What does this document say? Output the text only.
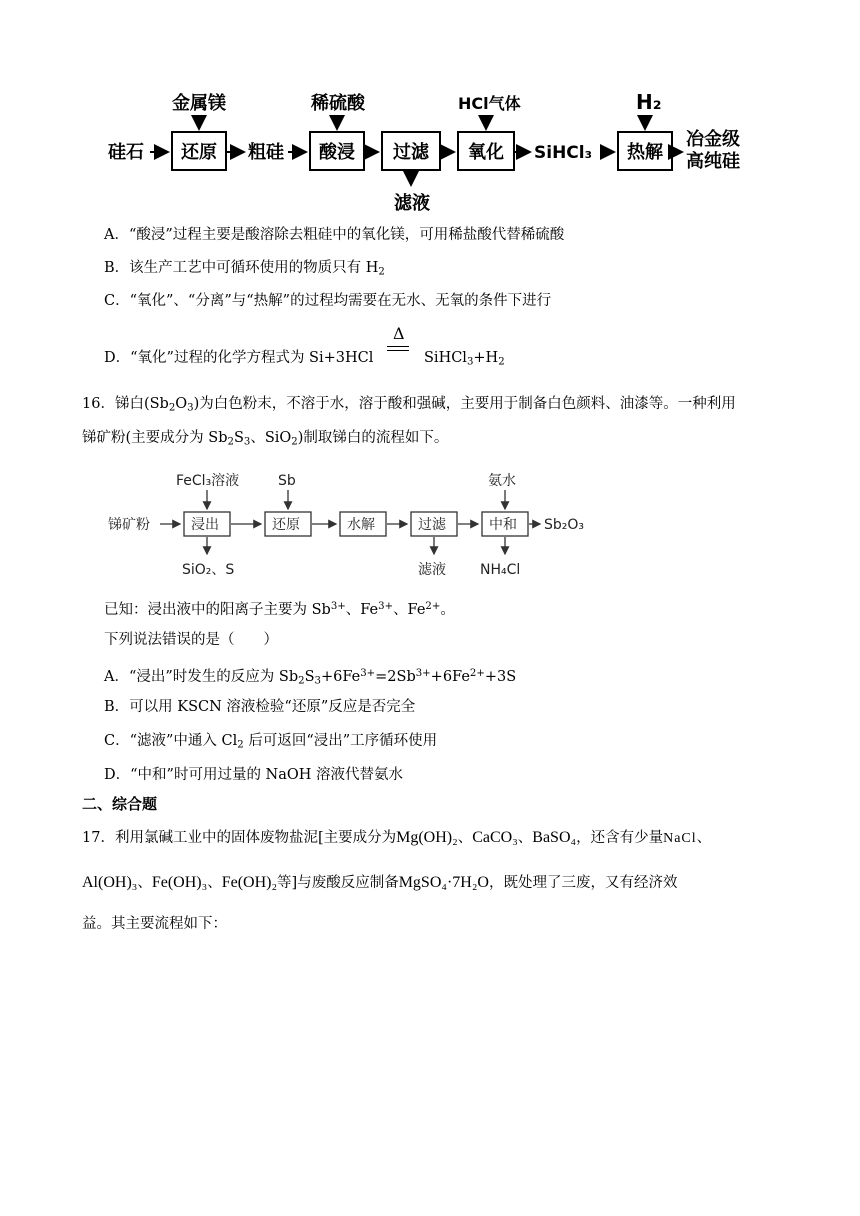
硅石 还原
金属镁
粗硅 酸浸
稀硫酸
过滤
滤液
氧化
HCl气体
SiHCl₃ 热解
H₂
冶金级
高纯硅
A．“酸浸”过程主要是酸溶除去粗硅中的氧化镁，可用稀盐酸代替稀硫酸
B．该生产工艺中可循环使用的物质只有 $H_2$
C．“氧化”、“分离”与“热解”的过程均需要在无水、无氧的条件下进行
D．“氧化”过程的化学方程式为 Si+3HCl
Δ
$SiHCl_3+H_2$
16．锑白$(Sb_2O_3)$为白色粉末，不溶于水，溶于酸和强碱，主要用于制备白色颜料、油漆等。一种利用
锑矿粉(主要成分为 $Sb_2S_3$、SiO$_2$)制取锑白的流程如下。
锑矿粉	浸出
FeCl₃溶液
SiO₂、S
还原
Sb
水解	过滤
滤液
中和
氨水
NH₄Cl
Sb₂O₃
已知：浸出液中的阳离子主要为 $Sb^{3+}$、$Fe^{3+}$、$Fe^{2+}$。
下列说法错误的是（　　）
A．“浸出”时发生的反应为 $Sb_2S_3+6Fe^{3+}=2Sb^{3+}+6Fe^{2+}+3S$
B．可以用 KSCN 溶液检验“还原”反应是否完全
C．“滤液”中通入 $Cl_2$ 后可返回“浸出”工序循环使用
D．“中和”时可用过量的 NaOH 溶液代替氨水
二、综合题
17．利用氯碱工业中的固体废物盐泥[主要成分为Mg(OH)₂、CaCO₃、BaSO₄，还含有少量NaCl、
Al(OH)₃、Fe(OH)₃、Fe(OH)₂等]与废酸反应制备MgSO₄·7H₂O，既处理了三废，又有经济效
益。其主要流程如下：
